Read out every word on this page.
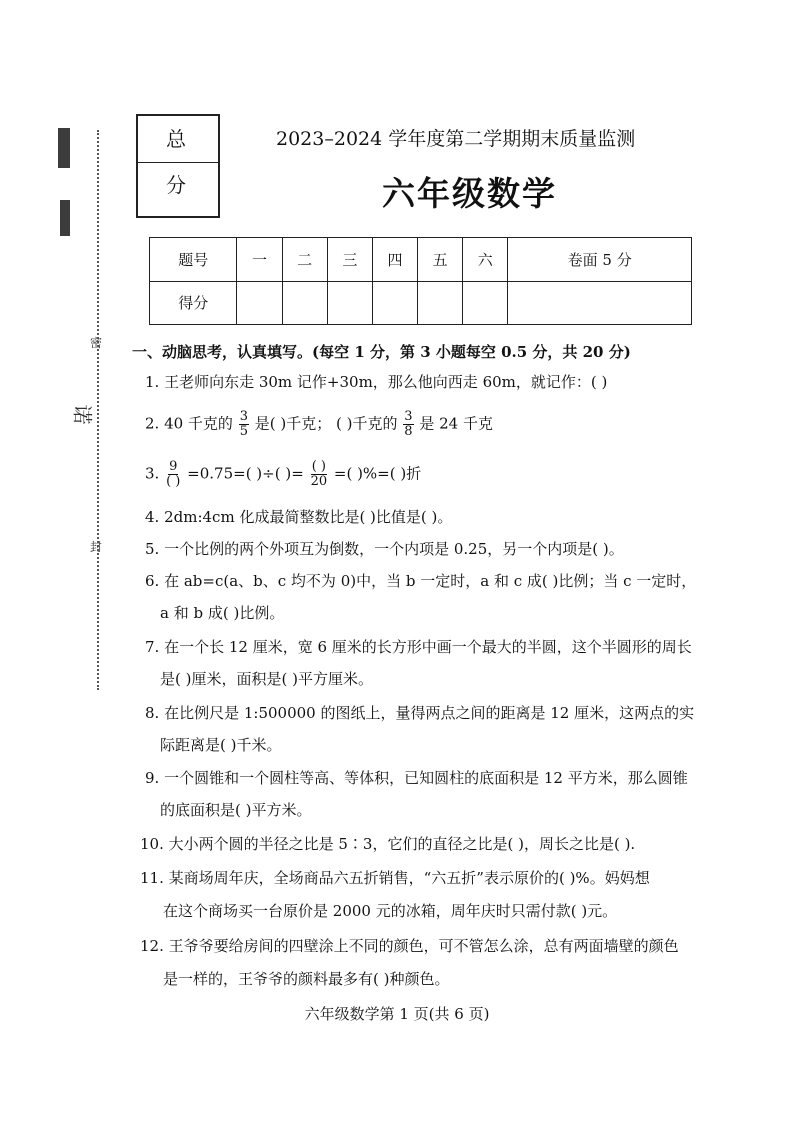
密
诺
封
总 分
2023–2024 学年度第二学期期末质量监测
六年级数学
题号	一	二	三	四	五	六	卷面 5 分
得分							
一、动脑思考，认真填写。(每空 1 分，第 3 小题每空 0.5 分，共 20 分)
1. 王老师向东走 30m 记作+30m，那么他向西走 60m，就记作：( )
2. 40 千克的 $\frac{3}{5}$ 是( )千克； ( )千克的 $\frac{3}{8}$ 是 24 千克
3. $\frac{9}{( )} =0.75=$( )÷( )= $\frac{( )}{20}$ =( )%=( )折
4. 2dm:4cm 化成最简整数比是( )比值是( )。
5. 一个比例的两个外项互为倒数，一个内项是 0.25，另一个内项是( )。
6. 在 ab=c(a、b、c 均不为 0)中，当 b 一定时，a 和 c 成( )比例；当 c 一定时，
a 和 b 成( )比例。
7. 在一个长 12 厘米，宽 6 厘米的长方形中画一个最大的半圆，这个半圆形的周长
是( )厘米，面积是( )平方厘米。
8. 在比例尺是 1:500000 的图纸上，量得两点之间的距离是 12 厘米，这两点的实
际距离是( )千米。
9. 一个圆锥和一个圆柱等高、等体积，已知圆柱的底面积是 12 平方米，那么圆锥
的底面积是( )平方米。
10. 大小两个圆的半径之比是 5∶3，它们的直径之比是( )，周长之比是( ).
11. 某商场周年庆，全场商品六五折销售，“六五折”表示原价的( )%。妈妈想
在这个商场买一台原价是 2000 元的冰箱，周年庆时只需付款( )元。
12. 王爷爷要给房间的四壁涂上不同的颜色，可不管怎么涂，总有两面墙壁的颜色
是一样的，王爷爷的颜料最多有( )种颜色。
六年级数学第 1 页(共 6 页)
